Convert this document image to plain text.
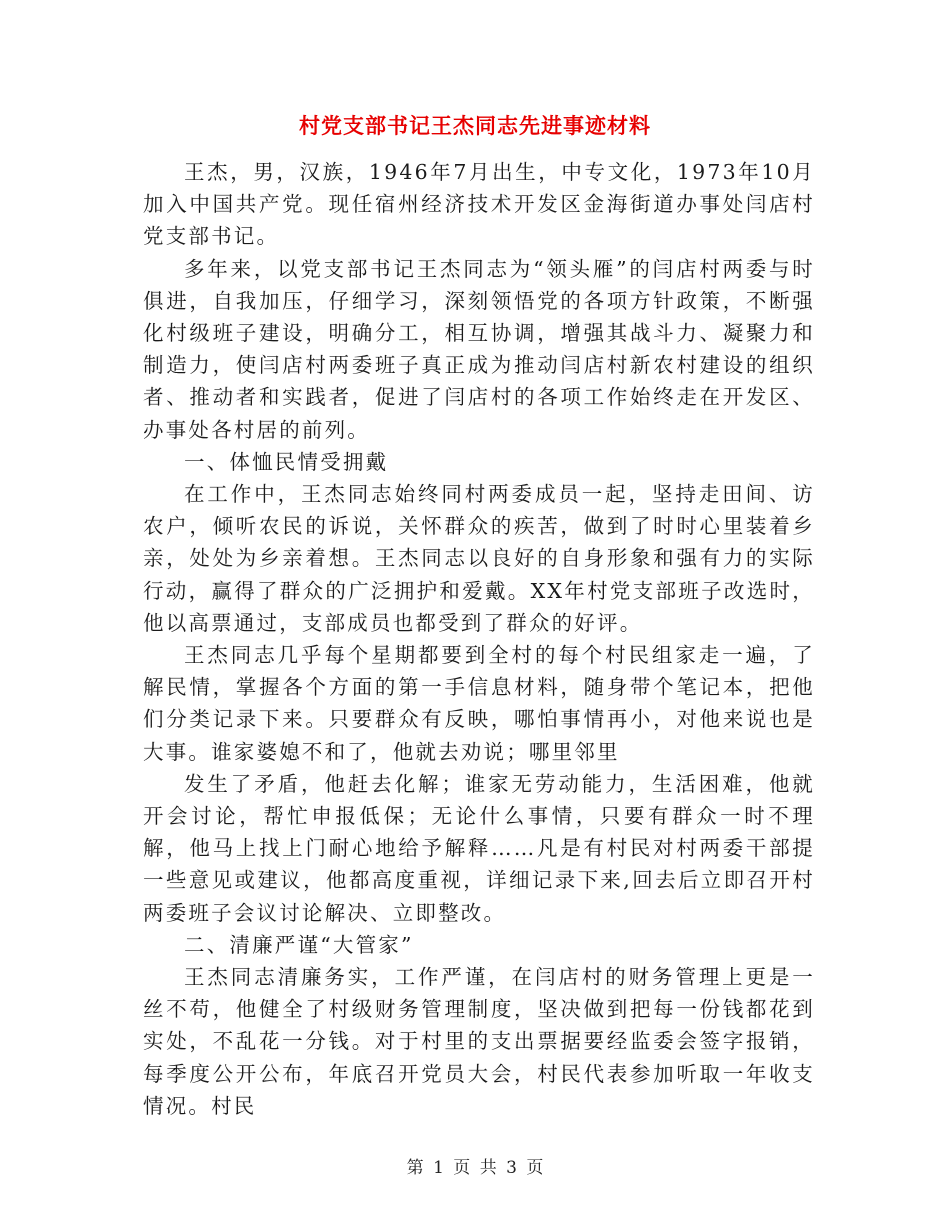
村党支部书记王杰同志先进事迹材料

王杰，男，汉族，1946年7月出生，中专文化，1973年10月加入中国共产党。现任宿州经济技术开发区金海街道办事处闫店村党支部书记。

多年来，以党支部书记王杰同志为“领头雁”的闫店村两委与时俱进，自我加压，仔细学习，深刻领悟党的各项方针政策，不断强化村级班子建设，明确分工，相互协调，增强其战斗力、凝聚力和制造力，使闫店村两委班子真正成为推动闫店村新农村建设的组织者、推动者和实践者，促进了闫店村的各项工作始终走在开发区、办事处各村居的前列。

一、体恤民情受拥戴

在工作中，王杰同志始终同村两委成员一起，坚持走田间、访农户，倾听农民的诉说，关怀群众的疾苦，做到了时时心里装着乡亲，处处为乡亲着想。王杰同志以良好的自身形象和强有力的实际行动，赢得了群众的广泛拥护和爱戴。XX年村党支部班子改选时，他以高票通过，支部成员也都受到了群众的好评。

王杰同志几乎每个星期都要到全村的每个村民组家走一遍，了解民情，掌握各个方面的第一手信息材料，随身带个笔记本，把他们分类记录下来。只要群众有反映，哪怕事情再小，对他来说也是大事。谁家婆媳不和了，他就去劝说；哪里邻里

发生了矛盾，他赶去化解；谁家无劳动能力，生活困难，他就开会讨论，帮忙申报低保；无论什么事情，只要有群众一时不理解，他马上找上门耐心地给予解释……凡是有村民对村两委干部提一些意见或建议，他都高度重视，详细记录下来,回去后立即召开村两委班子会议讨论解决、立即整改。

二、清廉严谨“大管家”

王杰同志清廉务实，工作严谨，在闫店村的财务管理上更是一丝不苟，他健全了村级财务管理制度，坚决做到把每一份钱都花到实处，不乱花一分钱。对于村里的支出票据要经监委会签字报销，每季度公开公布，年底召开党员大会，村民代表参加听取一年收支情况。村民

第 1 页 共 3 页
